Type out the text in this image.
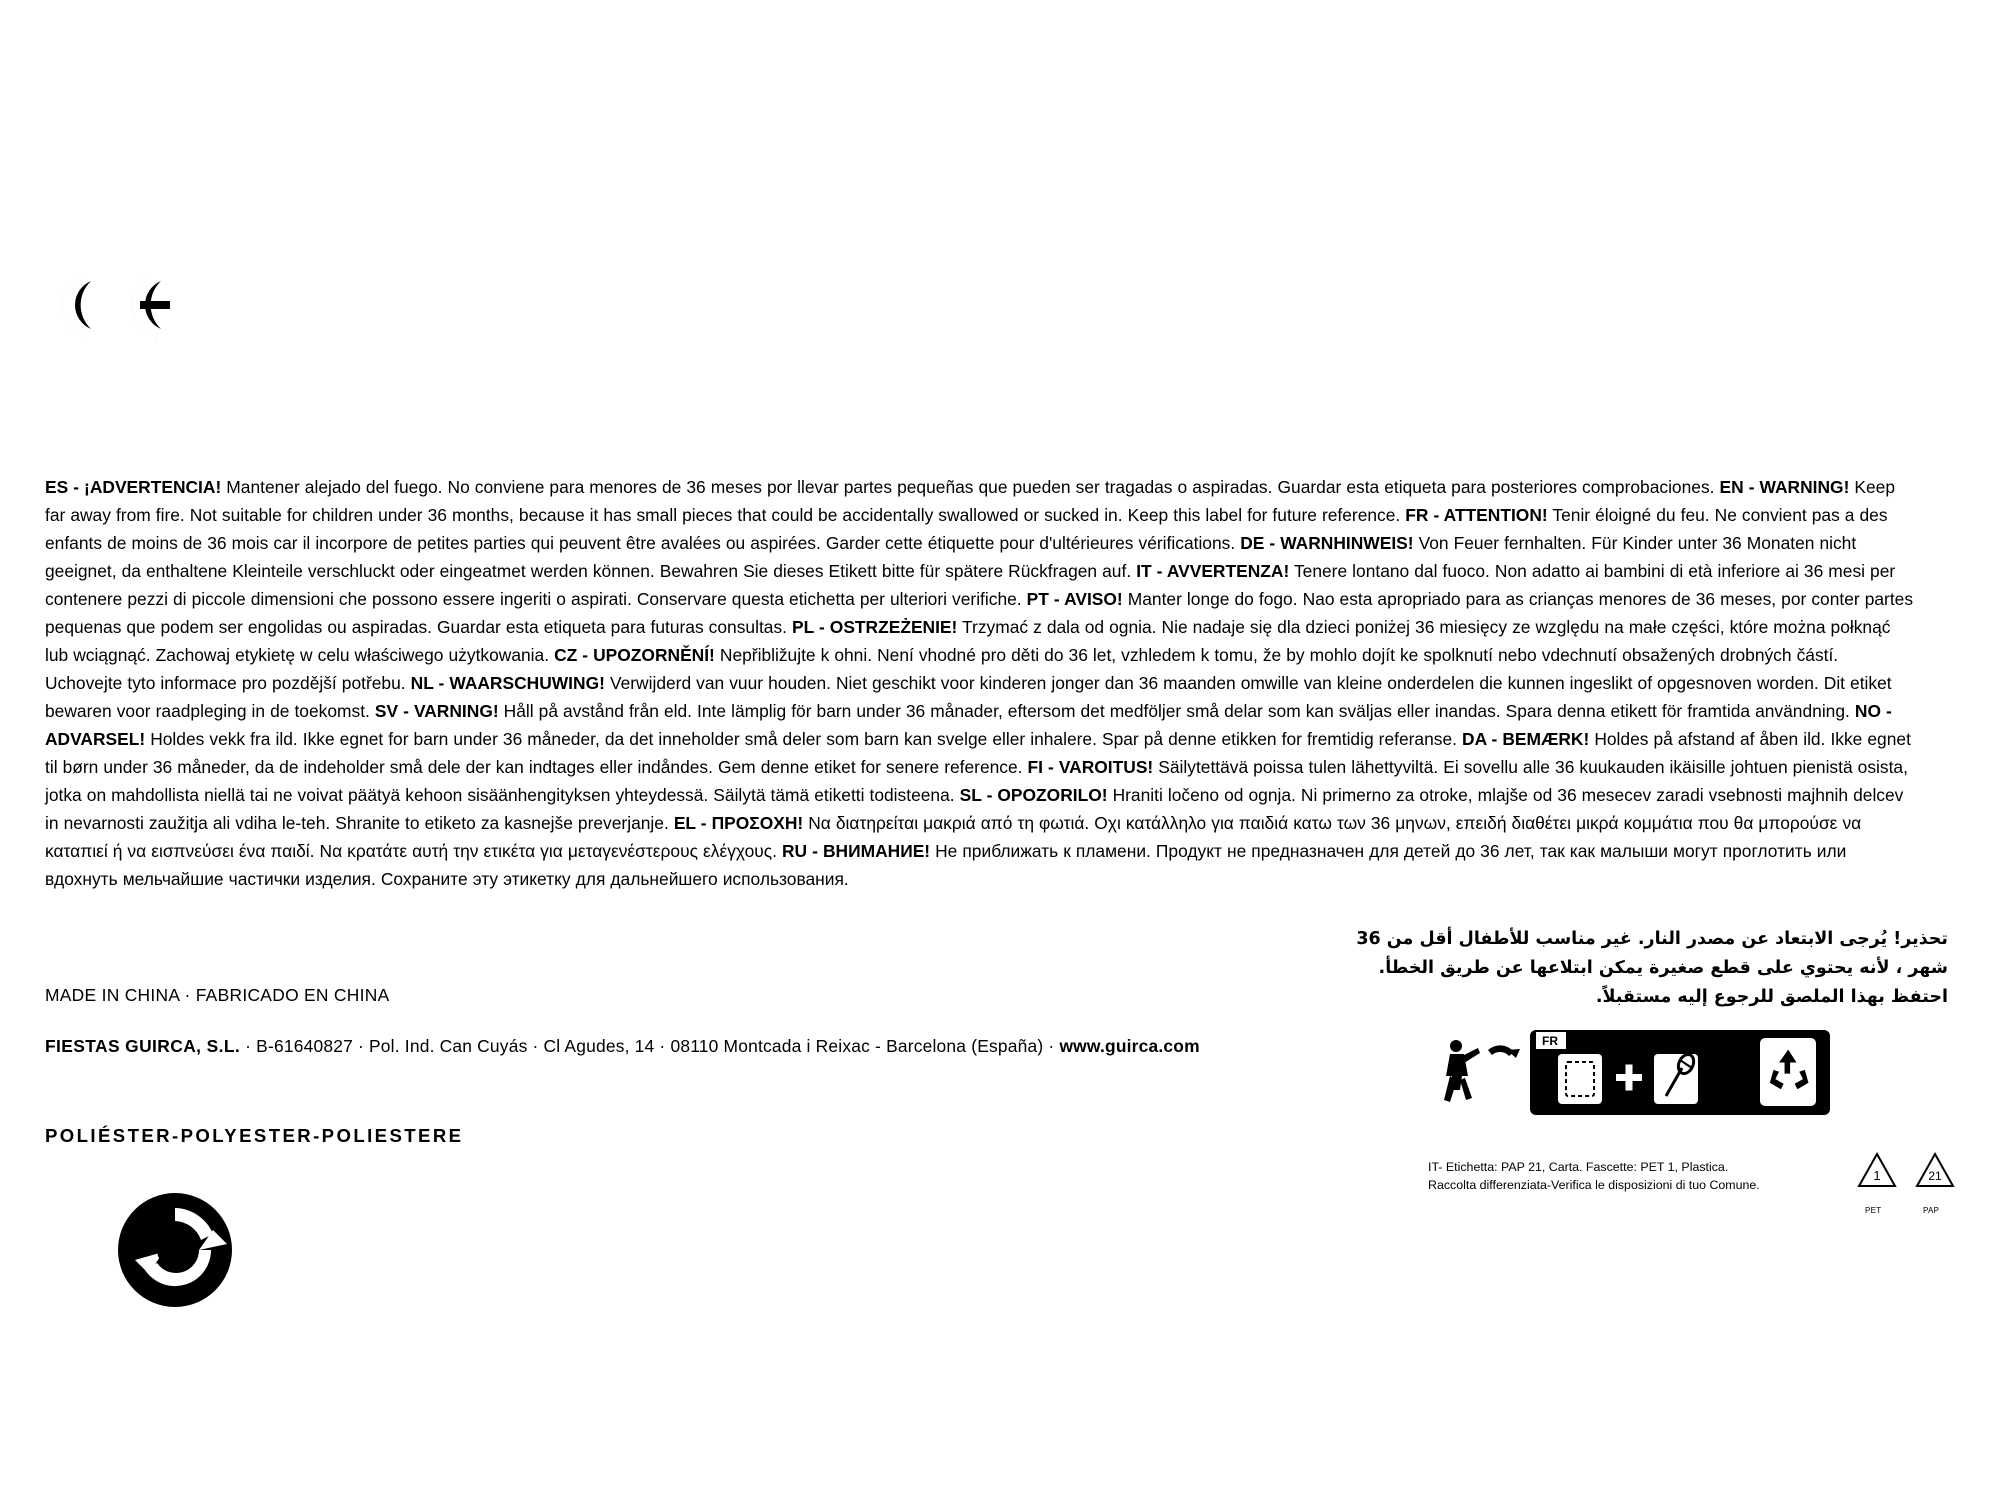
ES - ¡ADVERTENCIA! Mantener alejado del fuego. No conviene para menores de 36 meses por llevar partes pequeñas que pueden ser tragadas o aspiradas. Guardar esta etiqueta para posteriores comprobaciones. EN - WARNING! Keep far away from fire. Not suitable for children under 36 months, because it has small pieces that could be accidentally swallowed or sucked in. Keep this label for future reference. FR - ATTENTION! Tenir éloigné du feu. Ne convient pas a des enfants de moins de 36 mois car il incorpore de petites parties qui peuvent être avalées ou aspirées. Garder cette étiquette pour d'ultérieures vérifications. DE - WARNHINWEIS! Von Feuer fernhalten. Für Kinder unter 36 Monaten nicht geeignet, da enthaltene Kleinteile verschluckt oder eingeatmet werden können. Bewahren Sie dieses Etikett bitte für spätere Rückfragen auf. IT - AVVERTENZA! Tenere lontano dal fuoco. Non adatto ai bambini di età inferiore ai 36 mesi per contenere pezzi di piccole dimensioni che possono essere ingeriti o aspirati. Conservare questa etichetta per ulteriori verifiche. PT - AVISO! Manter longe do fogo. Nao esta apropriado para as crianças menores de 36 meses, por conter partes pequenas que podem ser engolidas ou aspiradas. Guardar esta etiqueta para futuras consultas. PL - OSTRZEŻENIE! Trzymać z dala od ognia. Nie nadaje się dla dzieci poniżej 36 miesięcy ze względu na małe części, które można połknąć lub wciągnąć. Zachowaj etykietę w celu właściwego użytkowania. CZ - UPOZORNĚNÍ! Nepřibližujte k ohni. Není vhodné pro děti do 36 let, vzhledem k tomu, že by mohlo dojít ke spolknutí nebo vdechnutí obsažených drobných částí. Uchovejte tyto informace pro pozdější potřebu. NL - WAARSCHUWING! Verwijderd van vuur houden. Niet geschikt voor kinderen jonger dan 36 maanden omwille van kleine onderdelen die kunnen ingeslikt of opgesnoven worden. Dit etiket bewaren voor raadpleging in de toekomst. SV - VARNING! Håll på avstånd från eld. Inte lämplig för barn under 36 månader, eftersom det medföljer små delar som kan sväljas eller inandas. Spara denna etikett för framtida användning. NO - ADVARSEL! Holdes vekk fra ild. Ikke egnet for barn under 36 måneder, da det inneholder små deler som barn kan svelge eller inhalere. Spar på denne etikken for fremtidig referanse. DA - BEMÆRK! Holdes på afstand af åben ild. Ikke egnet til børn under 36 måneder, da de indeholder små dele der kan indtages eller indåndes. Gem denne etiket for senere reference. FI - VAROITUS! Säilytettävä poissa tulen lähettyviltä. Ei sovellu alle 36 kuukauden ikäisille johtuen pienistä osista, jotka on mahdollista niellä tai ne voivat päätyä kehoon sisäänhengityksen yhteydessä. Säilytä tämä etiketti todisteena. SL - OPOZORILO! Hraniti ločeno od ognja. Ni primerno za otroke, mlajše od 36 mesecev zaradi vsebnosti majhnih delcev in nevarnosti zaužitja ali vdiha le-teh. Shranite to etiketo za kasnejše preverjanje. EL - ΠΡΟΣΟΧΗ! Να διατηρείται μακριά από τη φωτιά. Οχι κατάλληλο για παιδιά κατω των 36 μηνων, επειδή διαθέτει μικρά κομμάτια που θα μπορούσε να καταπιεί ή να εισπνεύσει ένα παιδί. Να κρατάτε αυτή την ετικέτα για μεταγενέστερους ελέγχους. RU - ВНИМАНИЕ! Не приближать к пламени. Продукт не предназначен для детей до 36 лет, так как малыши могут проглотить или вдохнуть мельчайшие частички изделия. Сохраните эту этикетку для дальнейшего использования.
تحذير! يُرجى الابتعاد عن مصدر النار. غير مناسب للأطفال أقل من 36 شهر ، لأنه يحتوي على قطع صغيرة يمكن ابتلاعها عن طريق الخطأ. احتفظ بهذا الملصق للرجوع إليه مستقبلاً.
MADE IN CHINA · FABRICADO EN CHINA
FIESTAS GUIRCA, S.L. · B-61640827 · Pol. Ind. Can Cuyás · Cl Agudes, 14 · 08110 Montcada i Reixac - Barcelona (España) · www.guirca.com
POLIÉSTER-POLYESTER-POLIESTERE
FR
IT- Etichetta: PAP 21, Carta. Fascette: PET 1, Plastica.
Raccolta differenziata-Verifica le disposizioni di tuo Comune.
1	21
PET	PAP
